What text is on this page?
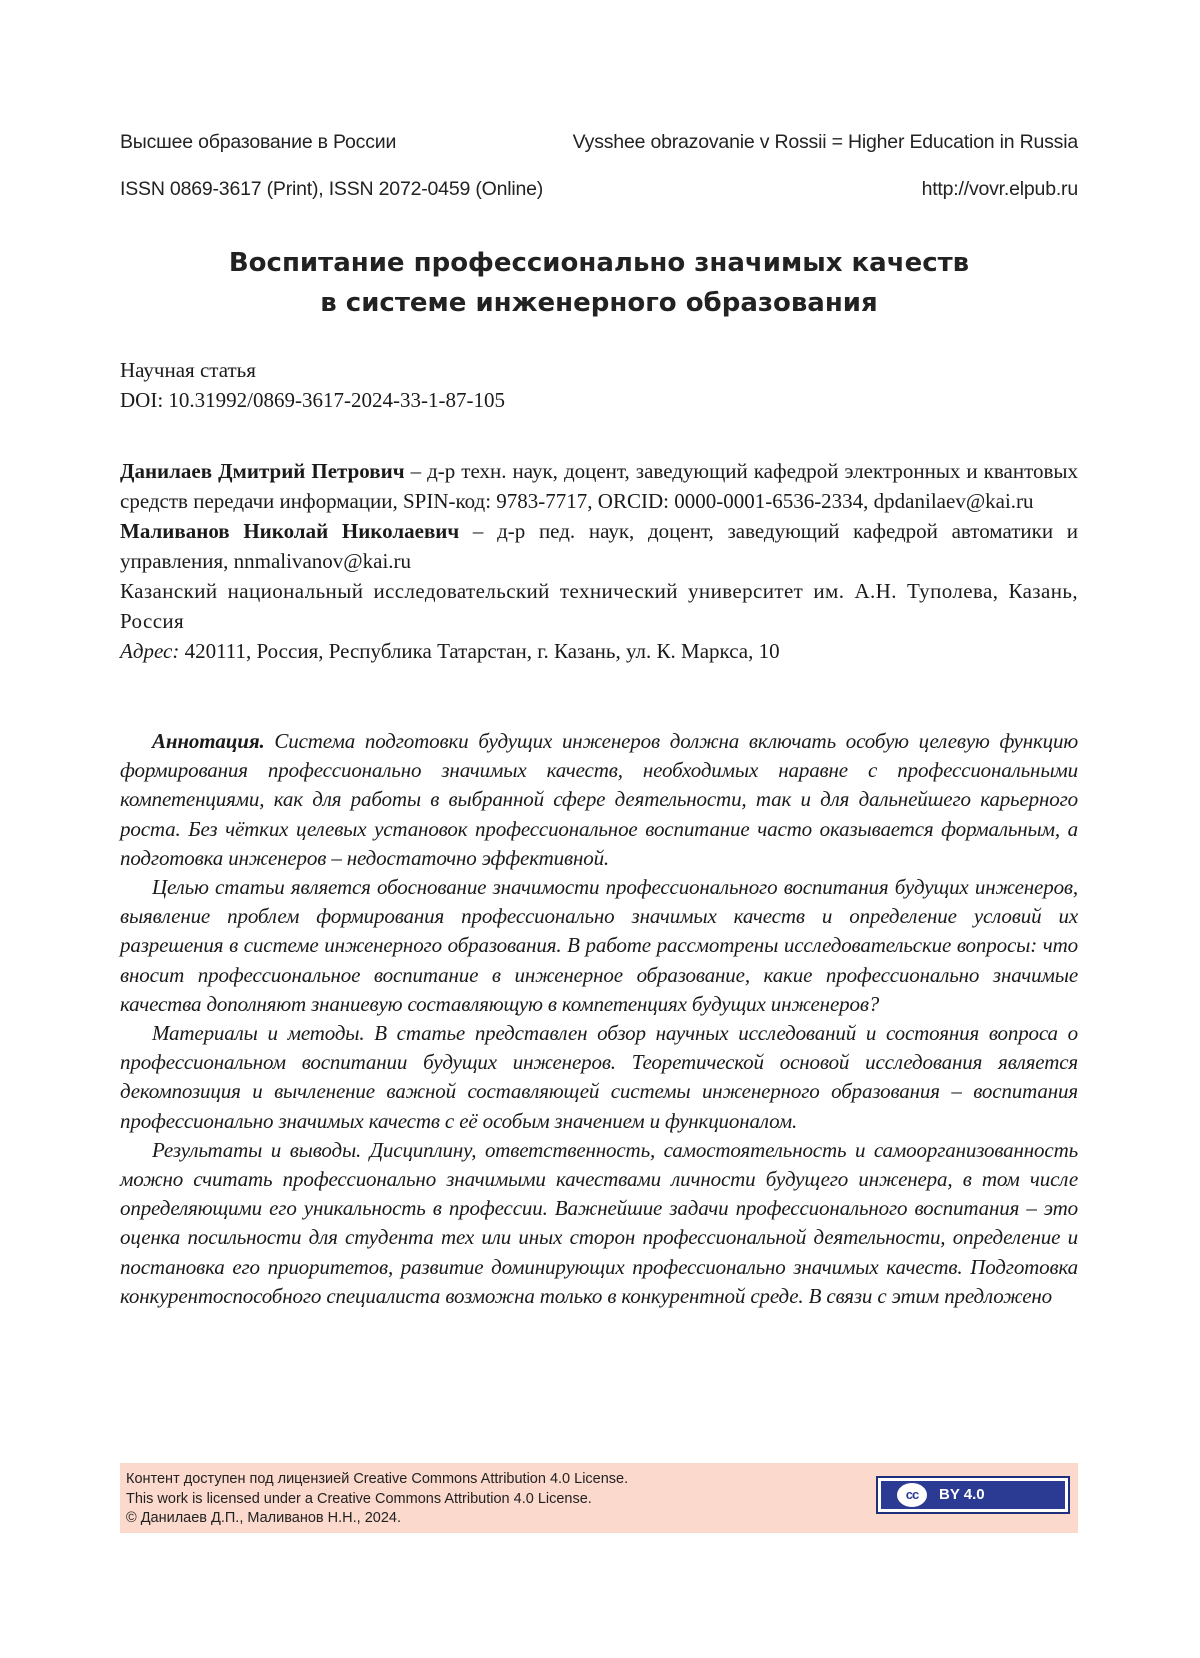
Высшее образование в России	Vysshee obrazovanie v Rossii = Higher Education in Russia
ISSN 0869-3617 (Print), ISSN 2072-0459 (Online)	http://vovr.elpub.ru
Воспитание профессионально значимых качеств
в системе инженерного образования
Научная статья
DOI: 10.31992/0869-3617-2024-33-1-87-105
Данилаев Дмитрий Петрович – д-р техн. наук, доцент, заведующий кафедрой электронных и квантовых средств передачи информации, SPIN-код: 9783-7717, ORCID: 0000-0001-6536-2334, dpdanilaev@kai.ru
Маливанов Николай Николаевич – д-р пед. наук, доцент, заведующий кафедрой автоматики и управления, nnmalivanov@kai.ru
Казанский национальный исследовательский технический университет им. А.Н. Туполева, Казань, Россия
Адрес: 420111, Россия, Республика Татарстан, г. Казань, ул. К. Маркса, 10

Аннотация. Система подготовки будущих инженеров должна включать особую целевую функцию формирования профессионально значимых качеств, необходимых наравне с профессиональными компетенциями, как для работы в выбранной сфере деятельности, так и для дальнейшего карьерного роста. Без чётких целевых установок профессиональное воспитание часто оказывается формальным, а подготовка инженеров – недостаточно эффективной.

Целью статьи является обоснование значимости профессионального воспитания будущих инженеров, выявление проблем формирования профессионально значимых качеств и определение условий их разрешения в системе инженерного образования. В работе рассмотрены исследовательские вопросы: что вносит профессиональное воспитание в инженерное образование, какие профессионально значимые качества дополняют знаниевую составляющую в компетенциях будущих инженеров?

Материалы и методы. В статье представлен обзор научных исследований и состояния вопроса о профессиональном воспитании будущих инженеров. Теоретической основой исследования является декомпозиция и вычленение важной составляющей системы инженерного образования – воспитания профессионально значимых качеств с её особым значением и функционалом.

Результаты и выводы. Дисциплину, ответственность, самостоятельность и самоорганизованность можно считать профессионально значимыми качествами личности будущего инженера, в том числе определяющими его уникальность в профессии. Важнейшие задачи профессионального воспитания – это оценка посильности для студента тех или иных сторон профессиональной деятельности, определение и постановка его приоритетов, развитие доминирующих профессионально значимых качеств. Подготовка конкурентоспособного специалиста возможна только в конкурентной среде. В связи с этим предложено

Контент доступен под лицензией Creative Commons Attribution 4.0 License.
This work is licensed under a Creative Commons Attribution 4.0 License.
© Данилаев Д.П., Маливанов Н.Н., 2024.
cc BY 4.0
